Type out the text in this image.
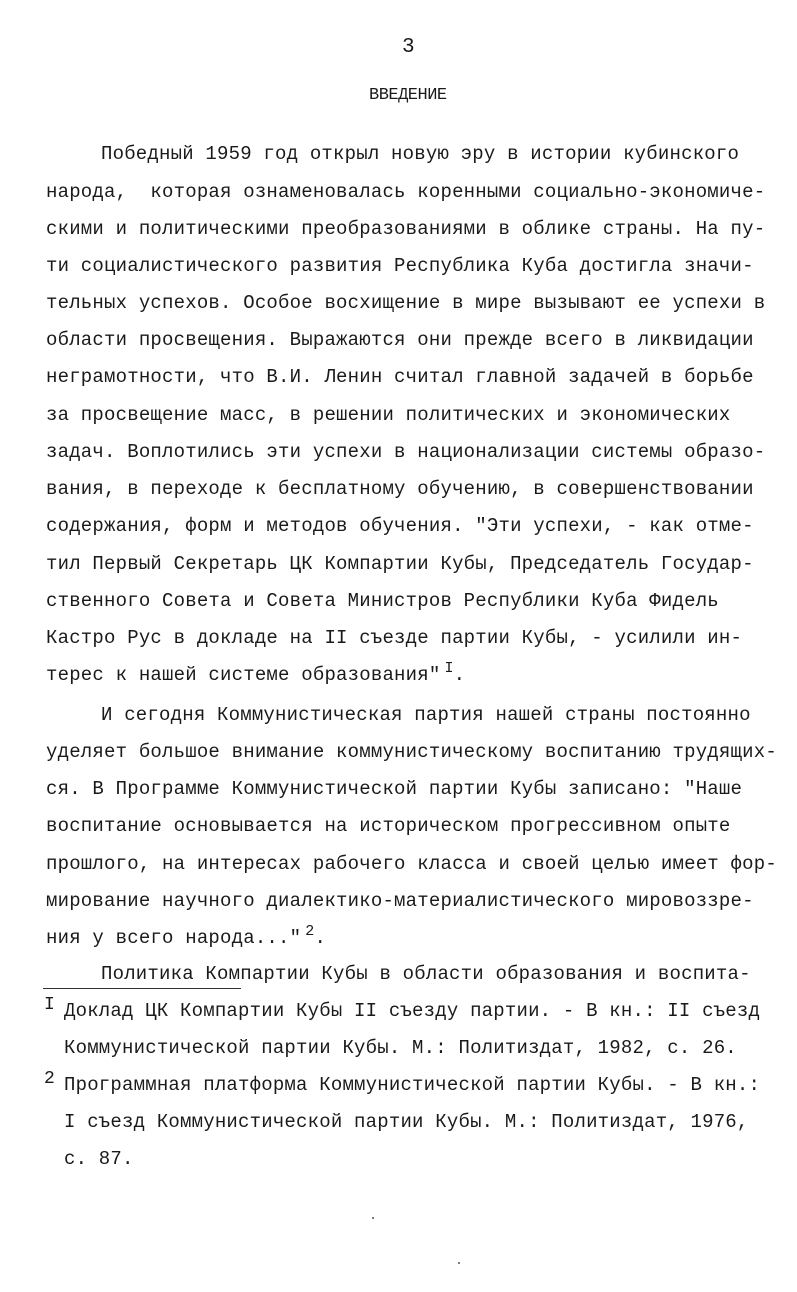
3
ВВЕДЕНИЕ
Победный 1959 год открыл новую эру в истории кубинского
народа,  которая ознаменовалась коренными социально-экономиче-
скими и политическими преобразованиями в облике страны. На пу-
ти социалистического развития Республика Куба достигла значи-
тельных успехов. Особое восхищение в мире вызывают ее успехи в
области просвещения. Выражаются они прежде всего в ликвидации
неграмотности, что В.И. Ленин считал главной задачей в борьбе
за просвещение масс, в решении политических и экономических
задач. Воплотились эти успехи в национализации системы образо-
вания, в переходе к бесплатному обучению, в совершенствовании
содержания, форм и методов обучения. "Эти успехи, - как отме-
тил Первый Секретарь ЦК Компартии Кубы, Председатель Государ-
ственного Совета и Совета Министров Республики Куба Фидель
Кастро Рус в докладе на II съезде партии Кубы, - усилили ин-
терес к нашей системе образования" $^I$.
И сегодня Коммунистическая партия нашей страны постоянно
уделяет большое внимание коммунистическому воспитанию трудящих-
ся. В Программе Коммунистической партии Кубы записано: "Наше
воспитание основывается на историческом прогрессивном опыте
прошлого, на интересах рабочего класса и своей целью имеет фор-
мирование научного диалектико-материалистического мировоззре-
ния у всего народа..." $^2$.
Политика Компартии Кубы в области образования и воспита-
I Доклад ЦК Компартии Кубы II съезду партии. - В кн.: II съезд
Коммунистической партии Кубы. М.: Политиздат, 1982, с. 26.
2 Программная платформа Коммунистической партии Кубы. - В кн.:
I съезд Коммунистической партии Кубы. М.: Политиздат, 1976,
с. 87.
